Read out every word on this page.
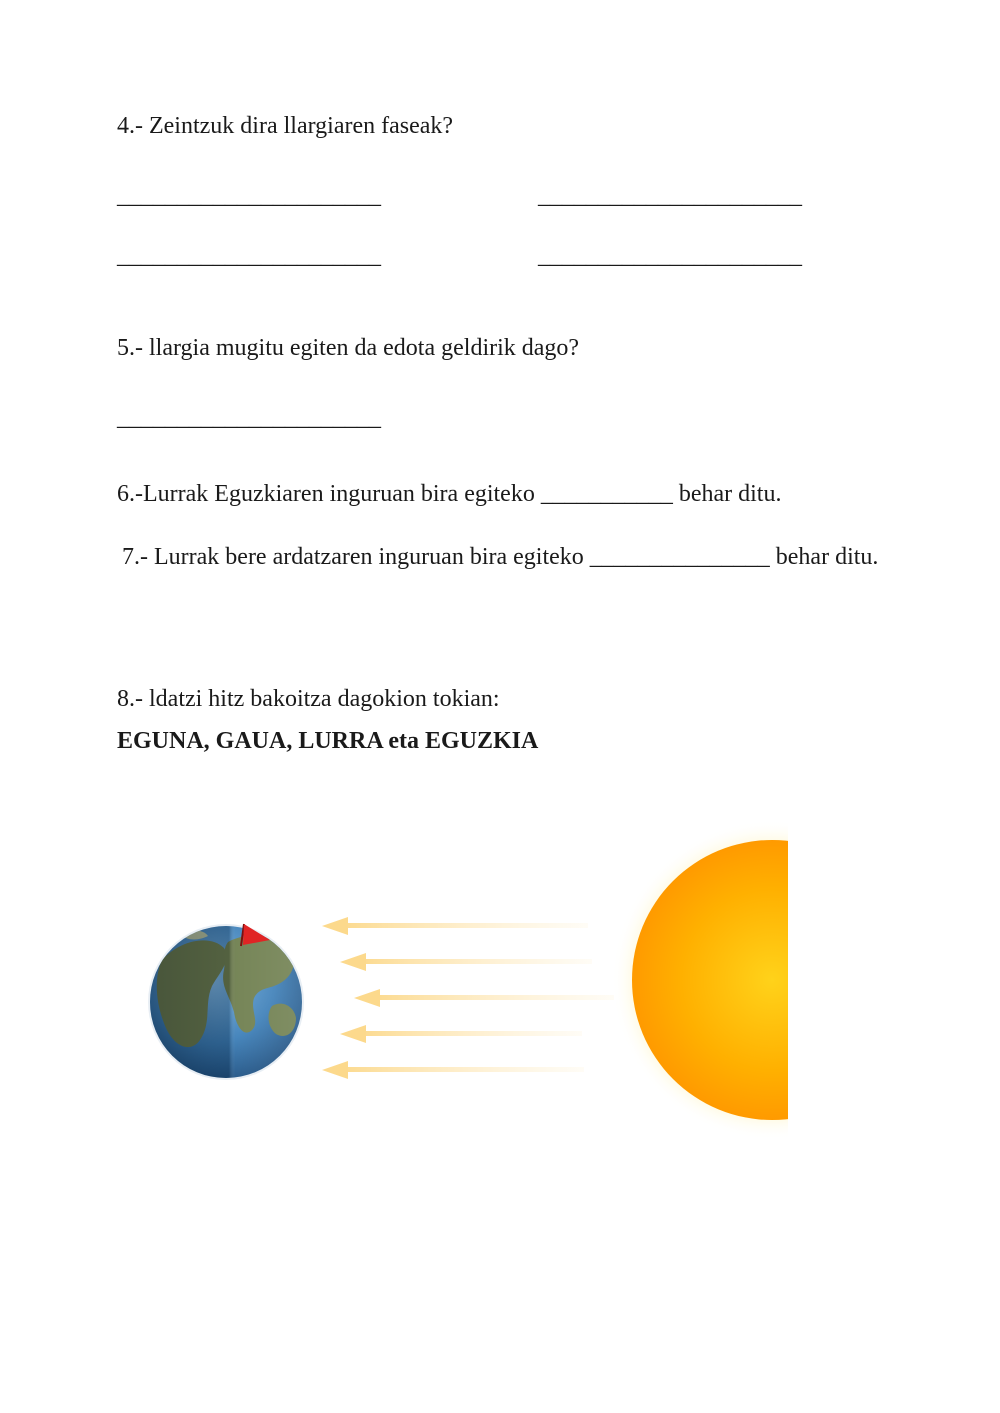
4.- Zeintzuk dira llargiaren faseak?
______________________	______________________
______________________	______________________
5.- llargia mugitu egiten da edota geldirik dago?
______________________
6.-Lurrak Eguzkiaren inguruan bira egiteko ___________ behar ditu.
7.- Lurrak bere ardatzaren inguruan bira egiteko _______________ behar ditu.
8.- ldatzi hitz bakoitza dagokion tokian:
EGUNA, GAUA, LURRA eta EGUZKIA
